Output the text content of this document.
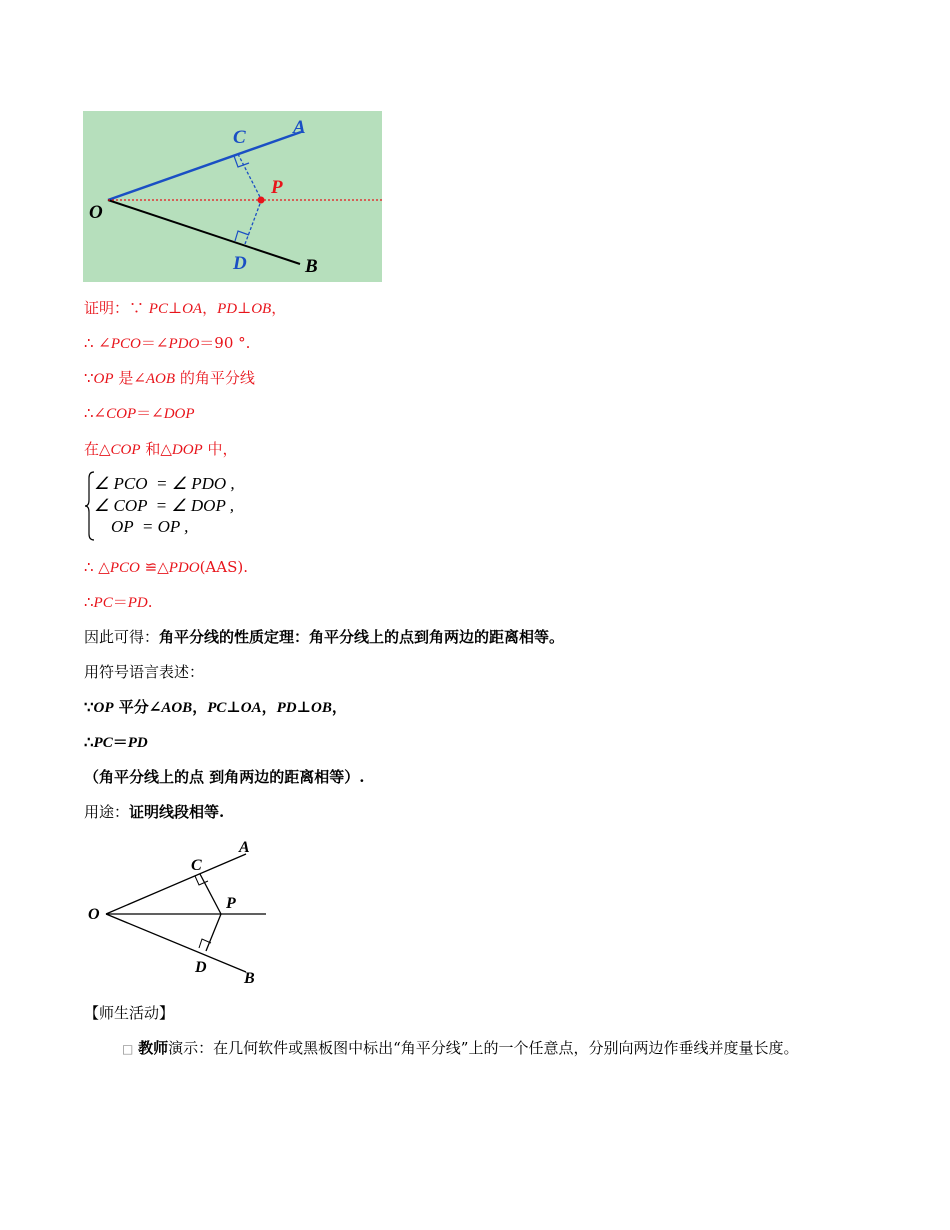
A
C
P
O
D	B
证明：∵ PC⊥OA，PD⊥OB，
∴ ∠PCO＝∠PDO＝90 °.
∵OP 是∠AOB 的角平分线
∴∠COP＝∠DOP
在△COP 和△DOP 中，
∠ PCO  = ∠ PDO ,
∠ COP  = ∠ DOP ,
OP  = OP ,
∴ △PCO ≌△PDO(AAS).
∴PC＝PD.
因此可得：角平分线的性质定理：角平分线上的点到角两边的距离相等。
用符号语言表述：
∵OP 平分∠AOB，PC⊥OA，PD⊥OB，
∴PC＝PD
（角平分线上的点 到角两边的距离相等）.
用途：证明线段相等.
A
C
P
O
D
B
【师生活动】
□ 教师演示：在几何软件或黑板图中标出“角平分线”上的一个任意点，分别向两边作垂线并度量长度。
